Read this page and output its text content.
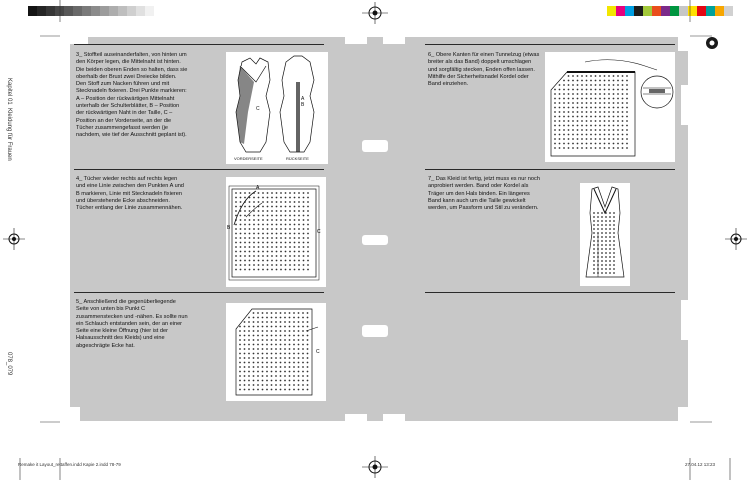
Kapitel 01
Kleidung für Frauen
078_079
3_ Stoffteil auseinanderfalten, von hinten um den Körper legen, die Mittelnaht ist hinten. Die beiden oberen Enden so halten, dass sie oberhalb der Brust zwei Dreiecke bilden. Den Stoff zum Nacken führen und mit Stecknadeln fixieren. Drei Punkte markieren: A – Position der rückwärtigen Mittelnaht unterhalb der Schulterblätter, B – Position der rückwärtigen Naht in der Taille, C – Position an der Vorderseite, an der die Tücher zusammengefasst werden (je nachdem, wie tief der Ausschnitt geplant ist).
4_ Tücher wieder rechts auf rechts legen und eine Linie zwischen den Punkten A und B markieren, Linie mit Stecknadeln fixieren und überstehende Ecke abschneiden. Tücher entlang der Linie zusammennähen.
5_ Anschließend die gegenüberliegende Seite von unten bis Punkt C zusammenstecken und -nähen. Es sollte nun ein Schlauch entstanden sein, der an einer Seite eine kleine Öffnung (hier ist der Halsausschnitt des Kleids) und eine abgeschrägte Ecke hat.
6_ Obere Kanten für einen Tunnelzug (etwas breiter als das Band) doppelt umschlagen und sorgfältig stecken, Enden offen lassen. Mithilfe der Sicherheitsnadel Kordel oder Band einziehen.
7_ Das Kleid ist fertig, jetzt muss es nur noch anprobiert werden. Band oder Kordel als Träger um den Hals binden. Ein längeres Band kann auch um die Taille gewickelt werden, um Passform und Stil zu verändern.
C
A
B
VORDERSEITE	RÜCKSEITE
A
B
C
C
Remake it Layout_rettaffen.indd Kapie 2.indd 78-79	27.04.12 13:23
